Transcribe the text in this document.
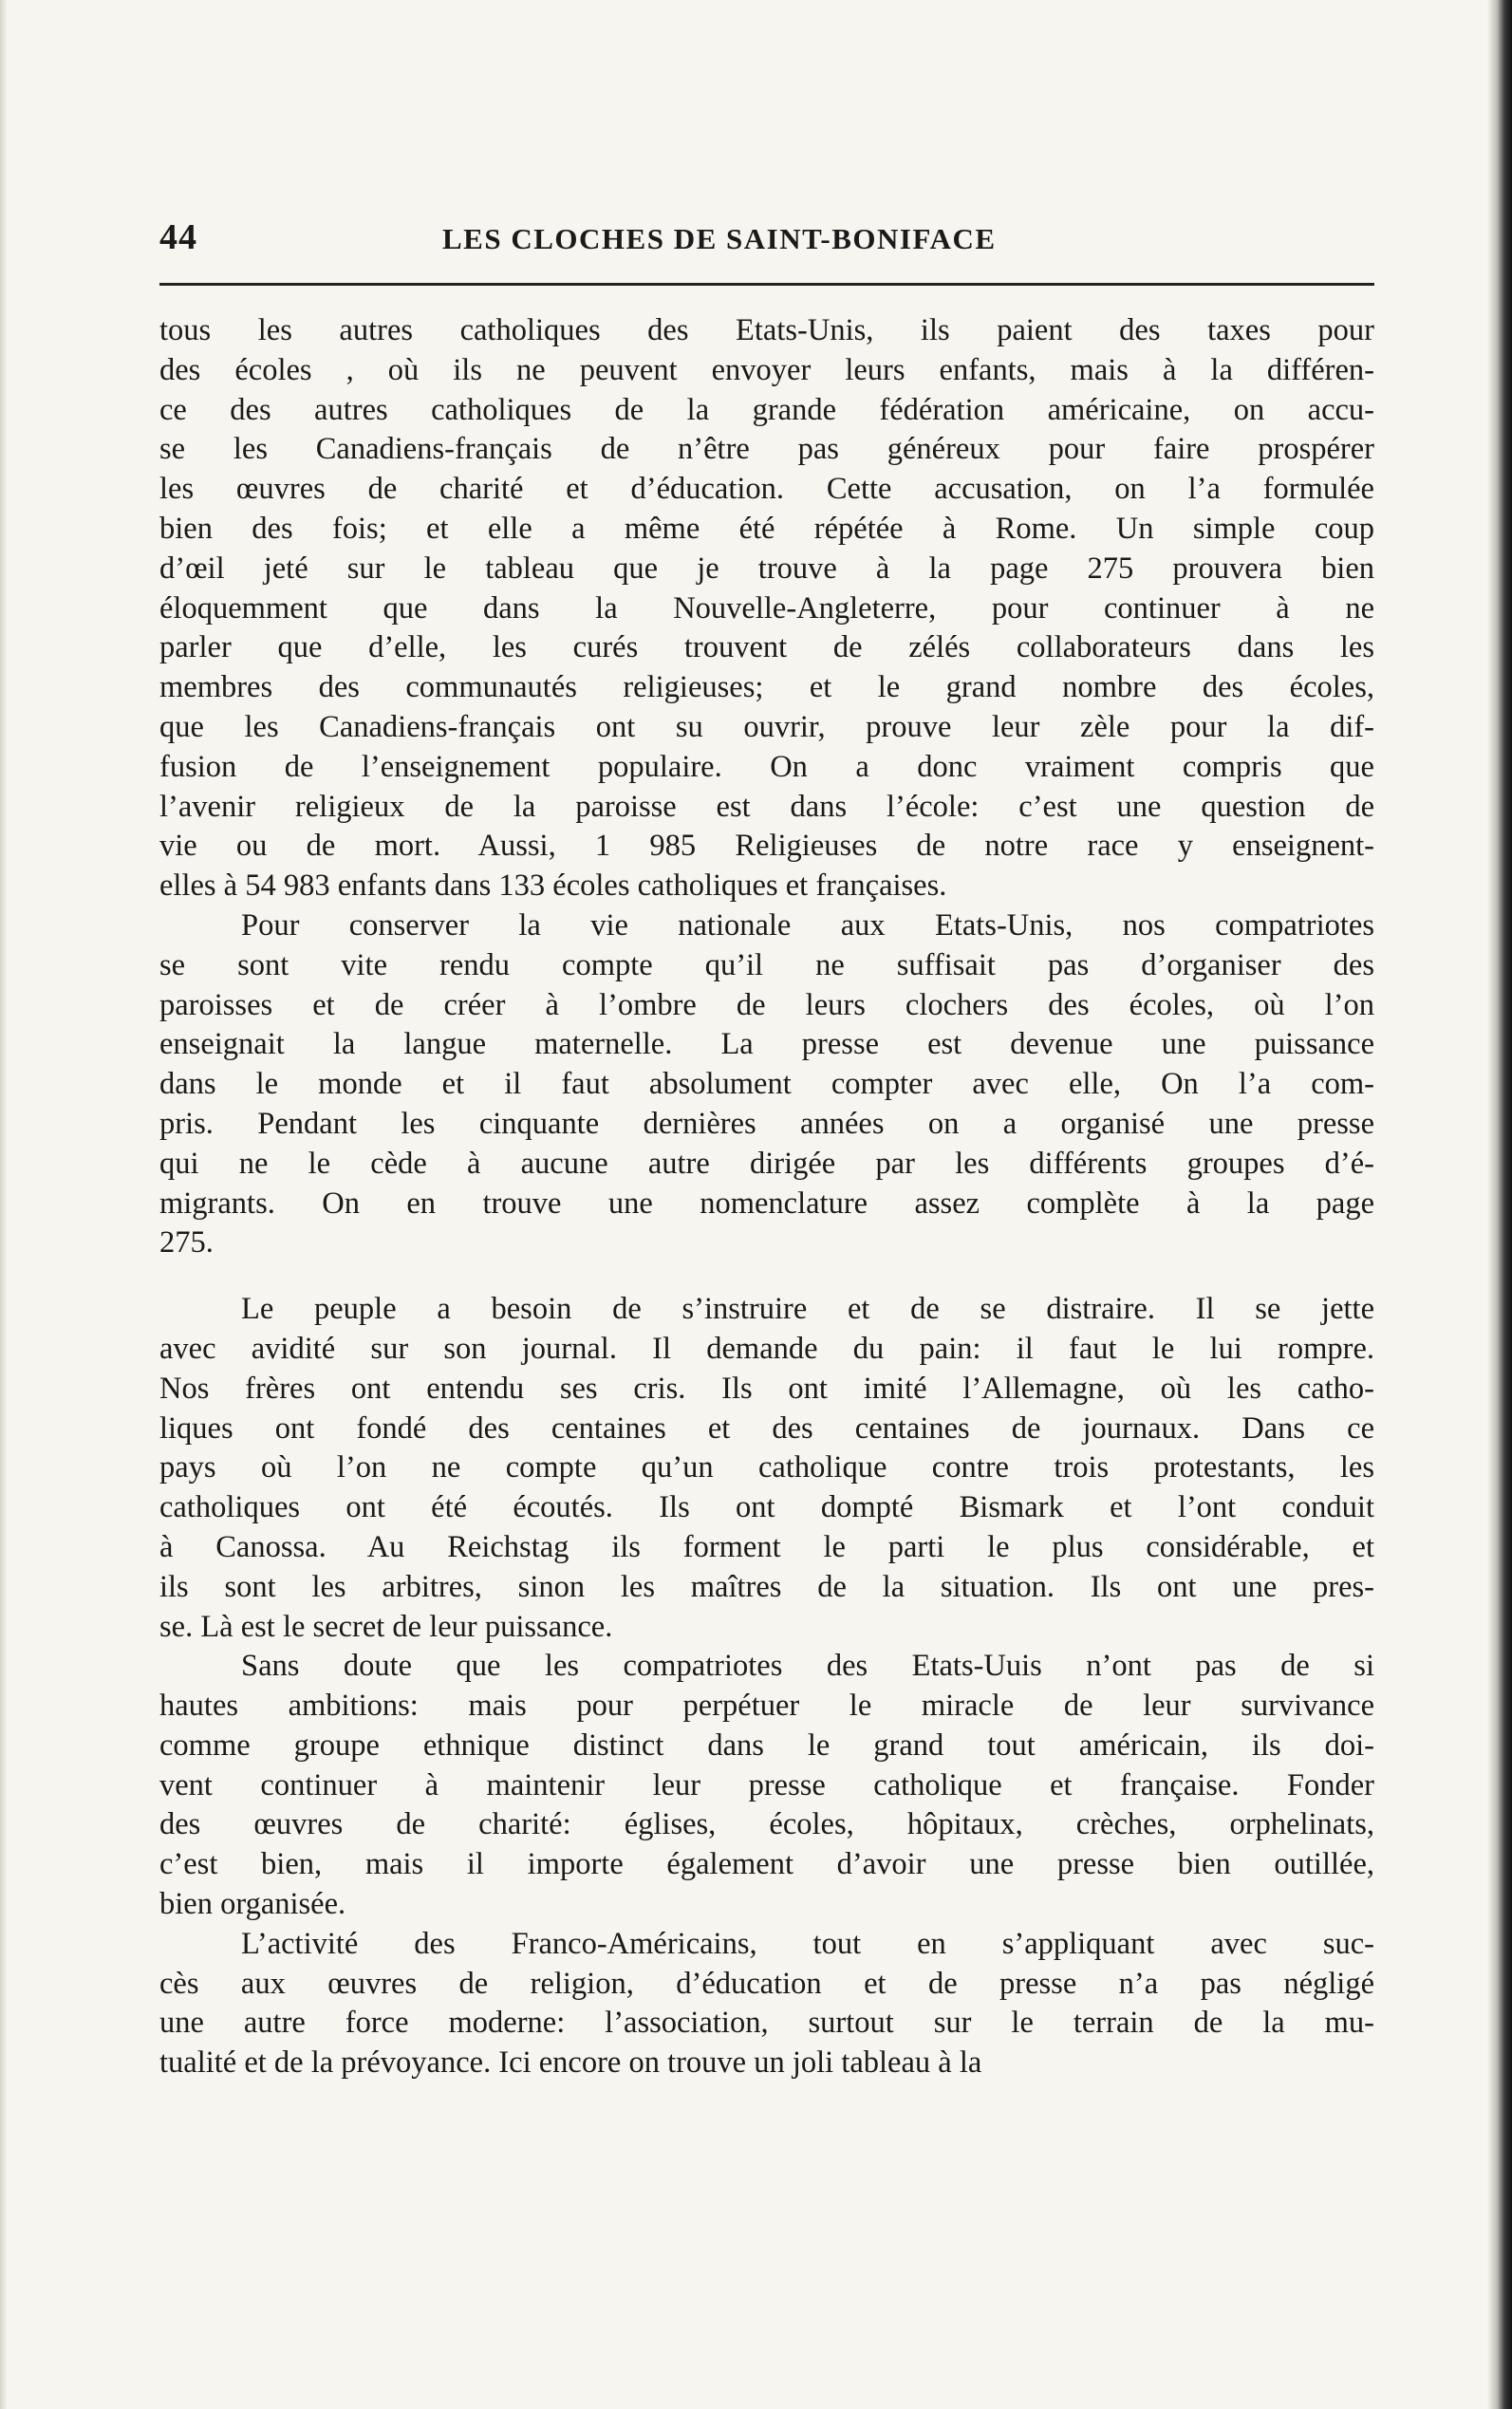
44	LES CLOCHES DE SAINT-BONIFACE
tous les autres catholiques des Etats-Unis, ils paient des taxes pour
des écoles , où ils ne peuvent envoyer leurs enfants, mais à la différen-
ce des autres catholiques de la grande fédération américaine, on accu-
se les Canadiens-français de n’être pas généreux pour faire prospérer
les œuvres de charité et d’éducation. Cette accusation, on l’a formulée
bien des fois; et elle a même été répétée à Rome. Un simple coup
d’œil jeté sur le tableau que je trouve à la page 275 prouvera bien
éloquemment que dans la Nouvelle-Angleterre, pour continuer à ne
parler que d’elle, les curés trouvent de zélés collaborateurs dans les
membres des communautés religieuses; et le grand nombre des écoles,
que les Canadiens-français ont su ouvrir, prouve leur zèle pour la dif-
fusion de l’enseignement populaire. On a donc vraiment compris que
l’avenir religieux de la paroisse est dans l’école: c’est une question de
vie ou de mort. Aussi, 1 985 Religieuses de notre race y enseignent-
elles à 54 983 enfants dans 133 écoles catholiques et françaises.
Pour conserver la vie nationale aux Etats-Unis, nos compatriotes
se sont vite rendu compte qu’il ne suffisait pas d’organiser des
paroisses et de créer à l’ombre de leurs clochers des écoles, où l’on
enseignait la langue maternelle. La presse est devenue une puissance
dans le monde et il faut absolument compter avec elle, On l’a com-
pris. Pendant les cinquante dernières années on a organisé une presse
qui ne le cède à aucune autre dirigée par les différents groupes d’é-
migrants. On en trouve une nomenclature assez complète à la page
275.
Le peuple a besoin de s’instruire et de se distraire. Il se jette
avec avidité sur son journal. Il demande du pain: il faut le lui rompre.
Nos frères ont entendu ses cris. Ils ont imité l’Allemagne, où les catho-
liques ont fondé des centaines et des centaines de journaux. Dans ce
pays où l’on ne compte qu’un catholique contre trois protestants, les
catholiques ont été écoutés. Ils ont dompté Bismark et l’ont conduit
à Canossa. Au Reichstag ils forment le parti le plus considérable, et
ils sont les arbitres, sinon les maîtres de la situation. Ils ont une pres-
se. Là est le secret de leur puissance.
Sans doute que les compatriotes des Etats-Uuis n’ont pas de si
hautes ambitions: mais pour perpétuer le miracle de leur survivance
comme groupe ethnique distinct dans le grand tout américain, ils doi-
vent continuer à maintenir leur presse catholique et française. Fonder
des œuvres de charité: églises, écoles, hôpitaux, crèches, orphelinats,
c’est bien, mais il importe également d’avoir une presse bien outillée,
bien organisée.
L’activité des Franco-Américains, tout en s’appliquant avec suc-
cès aux œuvres de religion, d’éducation et de presse n’a pas négligé
une autre force moderne: l’association, surtout sur le terrain de la mu-
tualité et de la prévoyance. Ici encore on trouve un joli tableau à la
